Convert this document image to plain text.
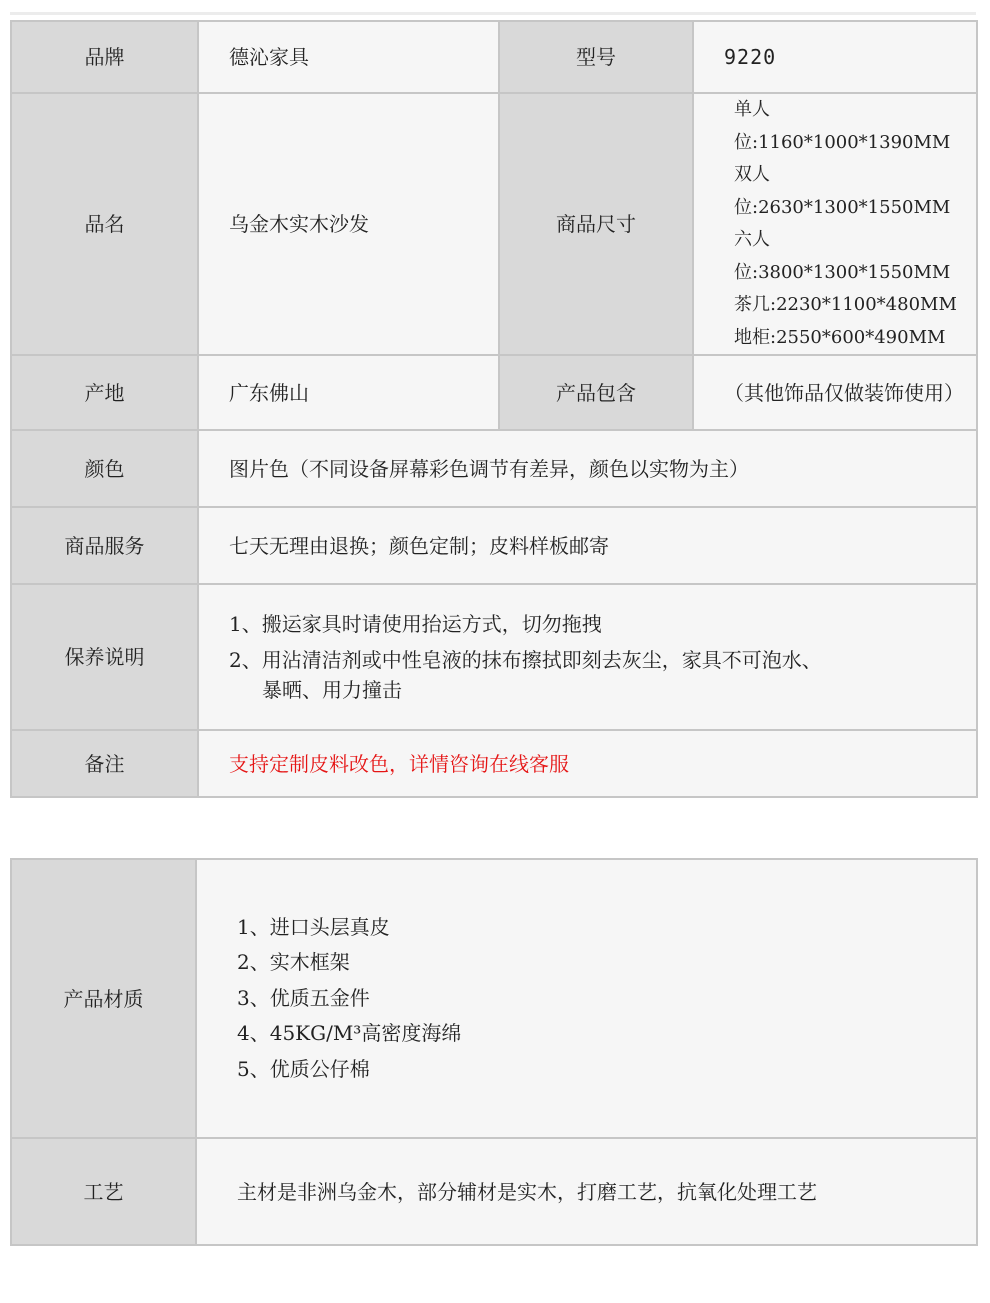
品牌	德沁家具	型号	9220
品名	乌金木实木沙发	商品尺寸	单人位:1160*1000*1390MM
双人位:2630*1300*1550MM
六人位:3800*1300*1550MM
茶几:2230*1100*480MM
地柜:2550*600*490MM

产地	广东佛山	产品包含	（其他饰品仅做装饰使用）
颜色	图片色（不同设备屏幕彩色调节有差异，颜色以实物为主）		
商品服务	七天无理由退换；颜色定制；皮料样板邮寄		
保养说明	1、搬运家具时请使用抬运方式，切勿拖拽
2、用沾清洁剂或中性皂液的抹布擦拭即刻去灰尘，家具不可泡水、
暴晒、用力撞击		

备注	支持定制皮料改色，详情咨询在线客服		
产品材质	1、进口头层真皮
2、实木框架
3、优质五金件
4、45KG/M³高密度海绵
5、优质公仔棉

工艺	主材是非洲乌金木，部分辅材是实木，打磨工艺，抗氧化处理工艺
